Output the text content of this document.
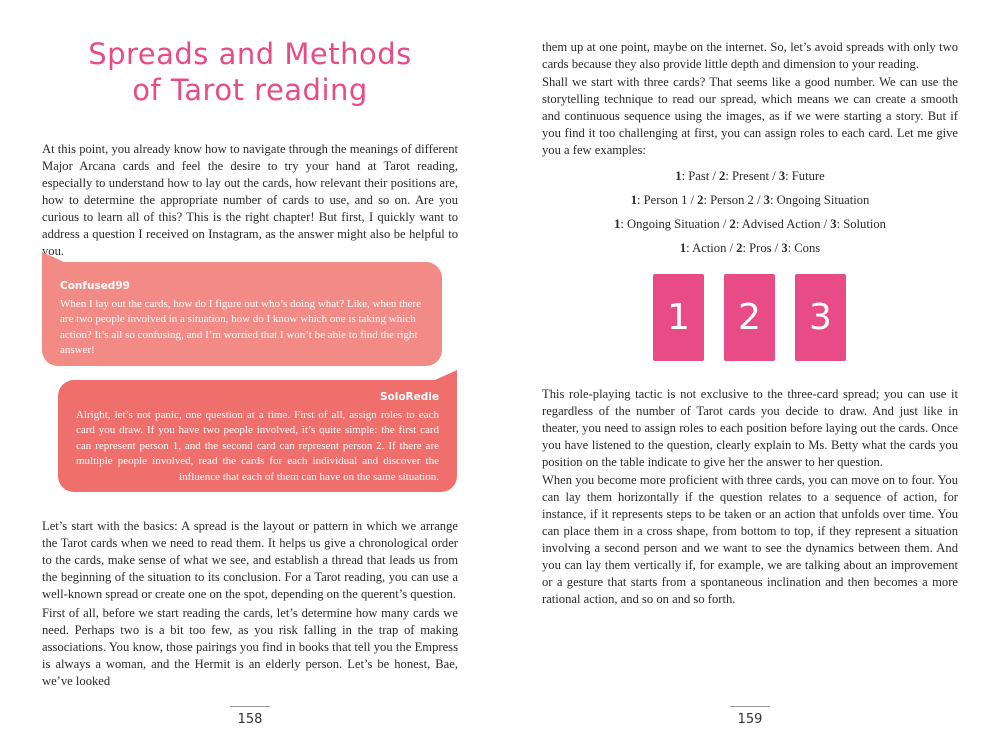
Spreads and Methods
of Tarot reading

At this point, you already know how to navigate through the meanings of different Major Arcana cards and feel the desire to try your hand at Tarot reading, especially to understand how to lay out the cards, how relevant their positions are, how to determine the appropriate number of cards to use, and so on. Are you curious to learn all of this? This is the right chapter! But first, I quickly want to address a question I received on Instagram, as the answer might also be helpful to you.

Confused99
When I lay out the cards, how do I figure out who’s doing what? Like, when there are two people involved in a situation, how do I know which one is taking which action? It’s all so confusing, and I’m worried that I won’t be able to find the right answer!
SoloRedie
Alright, let’s not panic, one question at a time. First of all, assign roles to each card you draw. If you have two people involved, it’s quite simple: the first card can represent person 1, and the second card can represent person 2. If there are multiple people involved, read the cards for each individual and discover the influence that each of them can have on the same situation.

Let’s start with the basics: A spread is the layout or pattern in which we arrange the Tarot cards when we need to read them. It helps us give a chronological order to the cards, make sense of what we see, and establish a thread that leads us from the beginning of the situation to its conclusion. For a Tarot reading, you can use a well-known spread or create one on the spot, depending on the querent’s question.

First of all, before we start reading the cards, let’s determine how many cards we need. Perhaps two is a bit too few, as you risk falling in the trap of making associations. You know, those pairings you find in books that tell you the Empress is always a woman, and the Hermit is an elderly person. Let’s be honest, Bae, we’ve looked

158

them up at one point, maybe on the internet. So, let’s avoid spreads with only two cards because they also provide little depth and dimension to your reading.

Shall we start with three cards? That seems like a good number. We can use the storytelling technique to read our spread, which means we can create a smooth and continuous sequence using the images, as if we were starting a story. But if you find it too challenging at first, you can assign roles to each card. Let me give you a few examples:

1: Past / 2: Present / 3: Future
1: Person 1 / 2: Person 2 / 3: Ongoing Situation
1: Ongoing Situation / 2: Advised Action / 3: Solution
1: Action / 2: Pros / 3: Cons
1	2	3

This role-playing tactic is not exclusive to the three-card spread; you can use it regardless of the number of Tarot cards you decide to draw. And just like in theater, you need to assign roles to each position before laying out the cards. Once you have listened to the question, clearly explain to Ms. Betty what the cards you position on the table indicate to give her the answer to her question.

When you become more proficient with three cards, you can move on to four. You can lay them horizontally if the question relates to a sequence of action, for instance, if it represents steps to be taken or an action that unfolds over time. You can place them in a cross shape, from bottom to top, if they represent a situation involving a second person and we want to see the dynamics between them. And you can lay them vertically if, for example, we are talking about an improvement or a gesture that starts from a spontaneous inclination and then becomes a more rational action, and so on and so forth.

159
